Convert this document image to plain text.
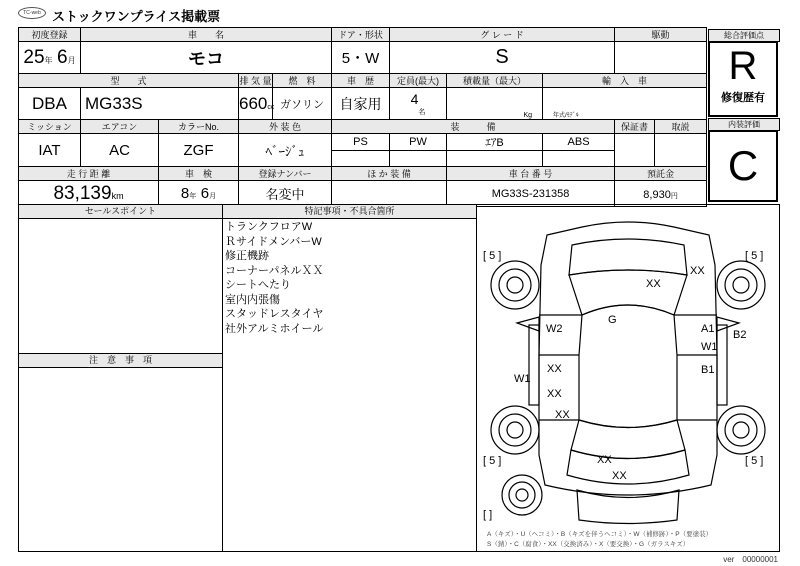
TC-web ストックワンプライス掲載票
初度登録	車　　名				ドア・形状	グ レ ー ド			駆動	
25年 6月	モコ				5・W	S				
型　　式			排 気 量	燃　料	車　歴	定員(最大)	積載量（最大）	輸　入　車		
DBA	MG33S		660cc	ガソリン	自家用	$4_名$	Kg	年式/ﾓﾃﾞﾙ		
ミッション	エアコン	カラーNo.	外 装 色		装　　　備				保証書	取説
IAT	AC	ZGF	ﾍﾞｰｼﾞｭ		PS	PW	ｴｱB	ABS		

走 行 距 離		車　検	登録ナンバー		ほ か 装 備		車 台 番 号		預託金	
83,139km		8年 6月	名変中				MG33S-231358		8,930円	
総合評価点
R
修復歴有
内装評価
C
セールスポイント
注　意　事　項
特記事項・不具合箇所
トランクフロアW
ＲサイドメンバーW
修正機跡
コーナーパネルＸＸ
シートへたり
室内内張傷
スタッドレスタイヤ
社外アルミホイール
[ 5 ]	[ 5 ]
[ 5 ]	[ 5 ]
[ ]
XX
XX
G
W2	A1
W1
B2
XX	B1
W1
XX
XX
XX
XX
A（キズ）・U（ヘコミ）・B（キズを伴うヘコミ）・W（補修跡）・P（要塗装）
S（錆）・C（腐食）・XX（交換済み）・X（要交換）・G（ガラスキズ）
ver　00000001
